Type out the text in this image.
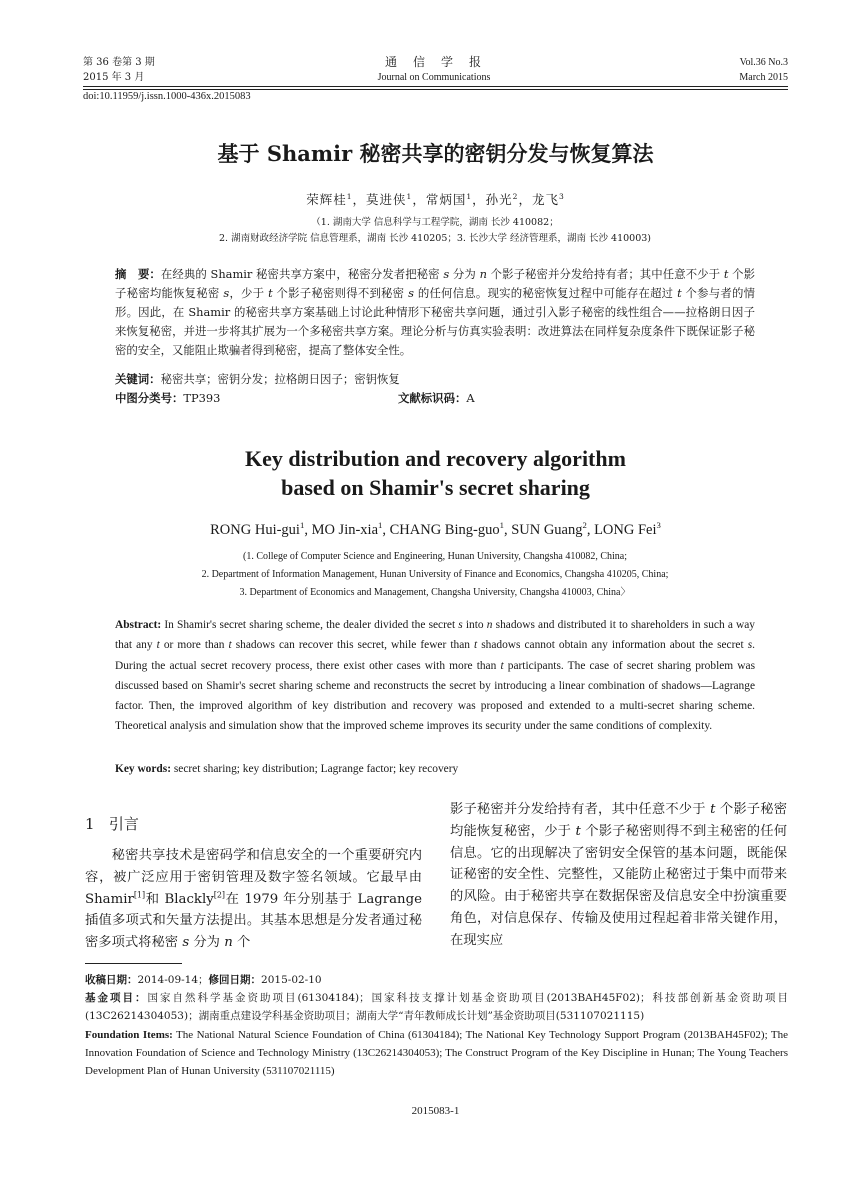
第 36 卷第 3 期
2015 年 3 月
通　信　学　报
Journal on Communications
Vol.36 No.3
March 2015
doi:10.11959/j.issn.1000-436x.2015083
基于 Shamir 秘密共享的密钥分发与恢复算法
荣辉桂$^1$，莫进侠$^1$，常炳国$^1$，孙光$^2$，龙飞$^3$
（1. 湖南大学 信息科学与工程学院，湖南 长沙 410082；
2. 湖南财政经济学院 信息管理系，湖南 长沙 410205；3. 长沙大学 经济管理系，湖南 长沙 410003)
摘　要：在经典的 Shamir 秘密共享方案中，秘密分发者把秘密 s 分为 n 个影子秘密并分发给持有者；其中任意不少于 t 个影子秘密均能恢复秘密 s，少于 t 个影子秘密则得不到秘密 s 的任何信息。现实的秘密恢复过程中可能存在超过 t 个参与者的情形。因此，在 Shamir 的秘密共享方案基础上讨论此种情形下秘密共享问题，通过引入影子秘密的线性组合——拉格朗日因子来恢复秘密，并进一步将其扩展为一个多秘密共享方案。理论分析与仿真实验表明：改进算法在同样复杂度条件下既保证影子秘密的安全，又能阻止欺骗者得到秘密，提高了整体安全性。
关键词：秘密共享；密钥分发；拉格朗日因子；密钥恢复
中图分类号：TP393	文献标识码：A
Key distribution and recovery algorithm
based on Shamir's secret sharing
RONG Hui-gui$^1$, MO Jin-xia$^1$, CHANG Bing-guo$^1$, SUN Guang$^2$, LONG Fei$^3$
(1. College of Computer Science and Engineering, Hunan University, Changsha 410082, China;
2. Department of Information Management, Hunan University of Finance and Economics, Changsha 410205, China;
3. Department of Economics and Management, Changsha University, Changsha 410003, China〉
Abstract: In Shamir's secret sharing scheme, the dealer divided the secret s into n shadows and distributed it to shareholders in such a way that any t or more than t shadows can recover this secret, while fewer than t shadows cannot obtain any information about the secret s. During the actual secret recovery process, there exist other cases with more than t participants. The case of secret sharing problem was discussed based on Shamir's secret sharing scheme and reconstructs the secret by introducing a linear combination of shadows—Lagrange factor. Then, the improved algorithm of key distribution and recovery was proposed and extended to a multi-secret sharing scheme. Theoretical analysis and simulation show that the improved scheme improves its security under the same conditions of complexity.
Key words: secret sharing; key distribution; Lagrange factor; key recovery
1 引言
秘密共享技术是密码学和信息安全的一个重要研究内容，被广泛应用于密钥管理及数字签名领域。它最早由 Shamir[1]和 Blackly[2]在 1979 年分别基于 Lagrange 插值多项式和矢量方法提出。其基本思想是分发者通过秘密多项式将秘密 s 分为 n 个
影子秘密并分发给持有者，其中任意不少于 t 个影子秘密均能恢复秘密，少于 t 个影子秘密则得不到主秘密的任何信息。它的出现解决了密钥安全保管的基本问题，既能保证秘密的安全性、完整性，又能防止秘密过于集中而带来的风险。由于秘密共享在数据保密及信息安全中扮演重要角色，对信息保存、传输及使用过程起着非常关键作用，在现实应
收稿日期：2014-09-14；修回日期：2015-02-10
基金项目：国家自然科学基金资助项目(61304184)；国家科技支撑计划基金资助项目(2013BAH45F02)；科技部创新基金资助项目(13C26214304053)；湖南重点建设学科基金资助项目；湖南大学“青年教师成长计划”基金资助项目(531107021115)
Foundation Items: The National Natural Science Foundation of China (61304184); The National Key Technology Support Program (2013BAH45F02); The Innovation Foundation of Science and Technology Ministry (13C26214304053); The Construct Program of the Key Discipline in Hunan; The Young Teachers Development Plan of Hunan University (531107021115)
2015083-1
